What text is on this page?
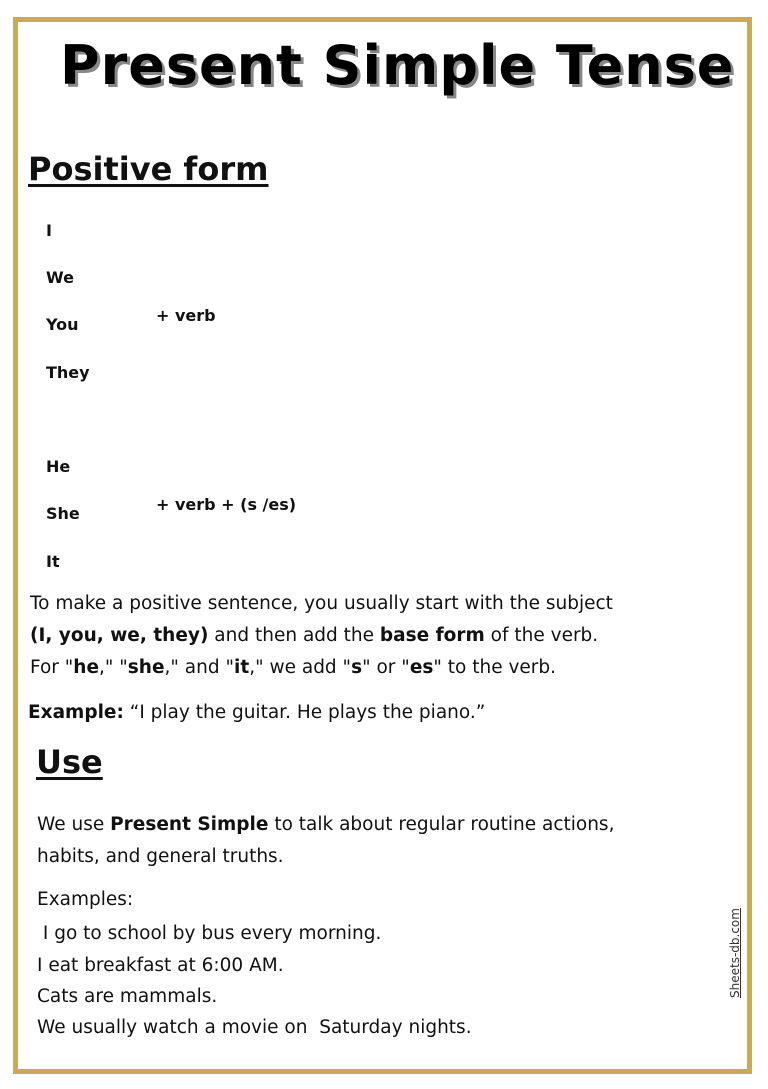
Present Simple Tense
Positive form
I
We
You
They
+ verb
He
She
It
+ verb + (s /es)
To make a positive sentence, you usually start with the subject
(I, you, we, they) and then add the base form of the verb.
For "he," "she," and "it," we add "s" or "es" to the verb.
Example: “I play the guitar. He plays the piano.”
Use
We use Present Simple to talk about regular routine actions,
habits, and general truths.
Examples:
I go to school by bus every morning.
I eat breakfast at 6:00 AM.
Cats are mammals.
We usually watch a movie on  Saturday nights.
Sheets-db.com
